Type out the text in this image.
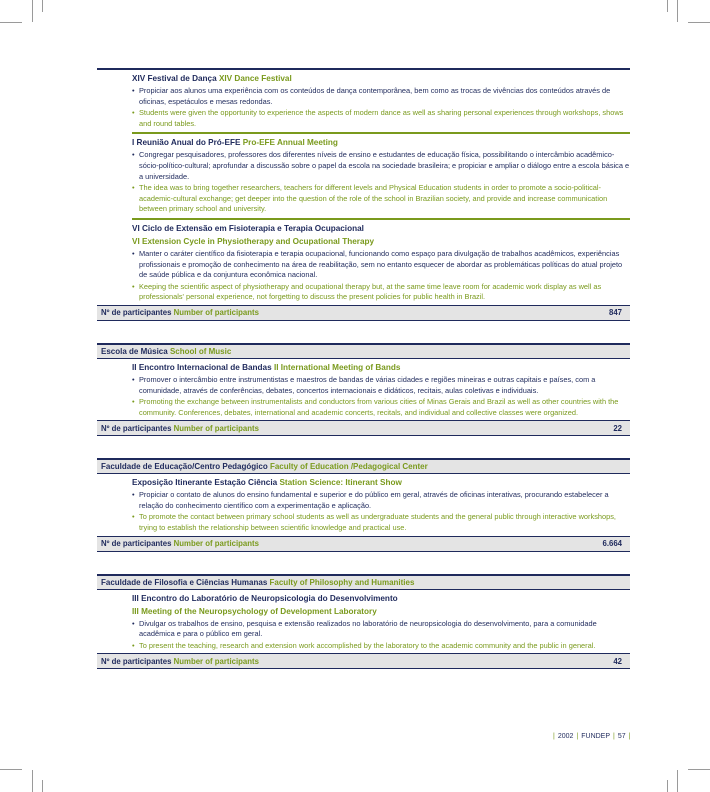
XIV Festival de Dança XIV Dance Festival
• Propiciar aos alunos uma experiência com os conteúdos de dança contemporânea, bem como as trocas de vivências dos conteúdos através de oficinas, espetáculos e mesas redondas.
• Students were given the opportunity to experience the aspects of modern dance as well as sharing personal experiences through workshops, shows and round tables.
I Reunião Anual do Pró-EFE Pro-EFE Annual Meeting
• Congregar pesquisadores, professores dos diferentes níveis de ensino e estudantes de educação física, possibilitando o intercâmbio acadêmico-sócio-político-cultural; aprofundar a discussão sobre o papel da escola na sociedade brasileira; e propiciar e ampliar o diálogo entre a escola básica e a universidade.
• The idea was to bring together researchers, teachers for different levels and Physical Education students in order to promote a socio-political-academic-cultural exchange; get deeper into the question of the role of the school in Brazilian society, and provide and increase communication between primary school and university.
VI Ciclo de Extensão em Fisioterapia e Terapia Ocupacional
VI Extension Cycle in Physiotherapy and Ocupational Therapy
• Manter o caráter científico da fisioterapia e terapia ocupacional, funcionando como espaço para divulgação de trabalhos acadêmicos, experiências profissionais e promoção de conhecimento na área de reabilitação, sem no entanto esquecer de abordar as problemáticas políticas do atual projeto de saúde pública e da conjuntura econômica nacional.
• Keeping the scientific aspect of physiotherapy and ocupational therapy but, at the same time leave room for academic work display as well as professionals' personal experience, not forgetting to discuss the present policies for public health in Brazil.
Nº de participantes Number of participants	847
Escola de Música School of Music
II Encontro Internacional de Bandas II International Meeting of Bands
• Promover o intercâmbio entre instrumentistas e maestros de bandas de várias cidades e regiões mineiras e outras capitais e países, com a comunidade, através de conferências, debates, concertos internacionais e didáticos, recitais, aulas coletivas e individuais.
• Promoting the exchange between instrumentalists and conductors from various cities of Minas Gerais and Brazil as well as other countries with the community. Conferences, debates, international and academic concerts, recitals, and individual and collective classes were organized.
Nº de participantes Number of participants	22
Faculdade de Educação/Centro Pedagógico Faculty of Education /Pedagogical Center
Exposição Itinerante Estação Ciência Station Science: Itinerant Show
• Propiciar o contato de alunos do ensino fundamental e superior e do público em geral, através de oficinas interativas, procurando estabelecer a relação do conhecimento científico com a experimentação e aplicação.
• To promote the contact between primary school students as well as undergraduate students and the general public through interactive workshops, trying to establish the relationship between scientific knowledge and practical use.
Nº de participantes Number of participants	6.664
Faculdade de Filosofia e Ciências Humanas Faculty of Philosophy and Humanities
III Encontro do Laboratório de Neuropsicologia do Desenvolvimento
III Meeting of the Neuropsychology of Development Laboratory
• Divulgar os trabalhos de ensino, pesquisa e extensão realizados no laboratório de neuropsicologia do desenvolvimento, para a comunidade acadêmica e para o público em geral.
• To present the teaching, research and extension work accomplished by the laboratory to the academic community and the public in general.
Nº de participantes Number of participants	42
| 2002 | FUNDEP | 57 |
